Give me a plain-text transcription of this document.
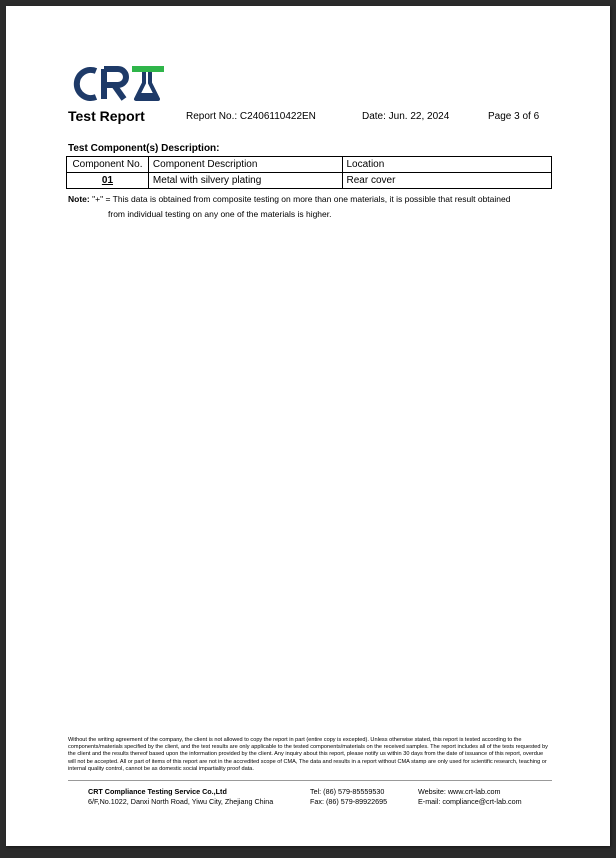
Test Report	Report No.: C2406110422EN	Date: Jun. 22, 2024	Page 3 of 6
Test Component(s) Description:
Component No.	Component Description	Location
01	Metal with silvery plating	Rear cover
Note: "+" = This data is obtained from composite testing on more than one materials, it is possible that result obtained
from individual testing on any one of the materials is higher.
Without the writing agreement of the company, the client is not allowed to copy the report in part (entire copy is excepted). Unless otherwise stated, this report is tested according to the components/materials specified by the client, and the test results are only applicable to the tested components/materials on the received samples. The report includes all of the tests requested by the client and the results thereof based upon the information provided by the client. Any inquiry about this report, please notify us within 30 days from the date of issuance of this report, overdue will not be accepted. All or part of items of this report are not in the accredited scope of CMA, The data and results in a report without CMA stamp are only used for scientific research, teaching or internal quality control, cannot be as domestic social impartiality proof data.
CRT Compliance Testing Service Co.,Ltd
6/F,No.1022, Danxi North Road, Yiwu City, Zhejiang China
Tel: (86) 579-85559530
Fax: (86) 579-89922695
Website: www.crt-lab.com
E-mail: compliance@crt-lab.com
